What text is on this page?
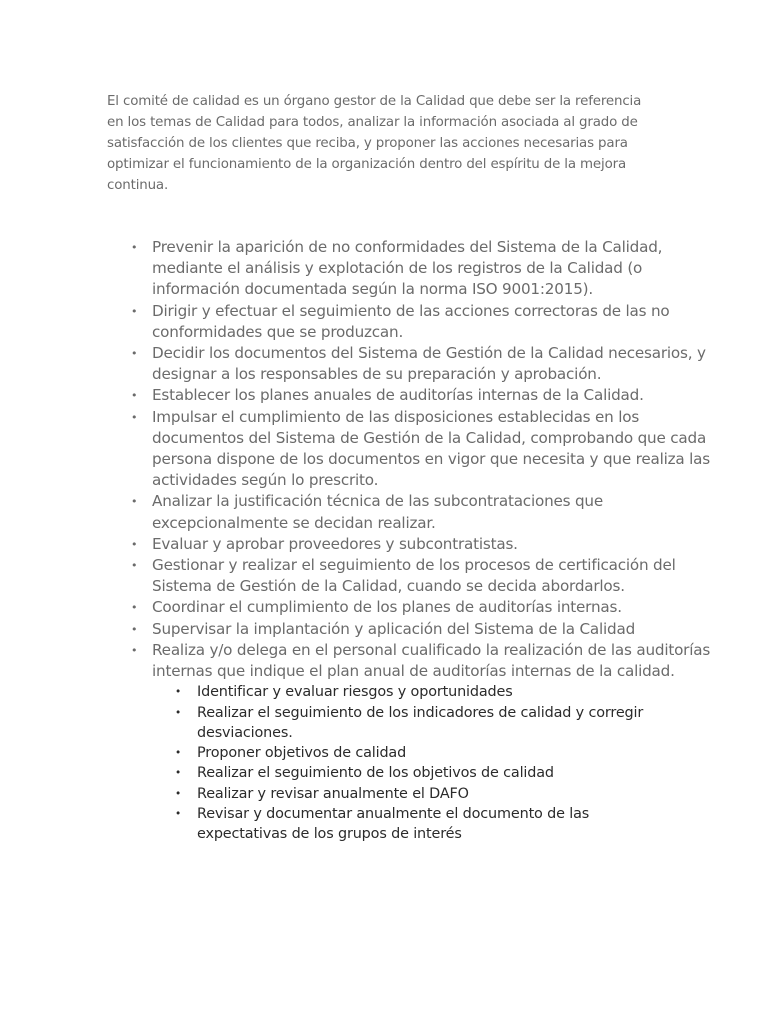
El comité de calidad es un órgano gestor de la Calidad que debe ser la referencia en los temas de Calidad para todos, analizar la información asociada al grado de satisfacción de los clientes que reciba, y proponer las acciones necesarias para optimizar el funcionamiento de la organización dentro del espíritu de la mejora continua.

• Prevenir la aparición de no conformidades del Sistema de la Calidad, mediante el análisis y explotación de los registros de la Calidad (o información documentada según la norma ISO 9001:2015).
• Dirigir y efectuar el seguimiento de las acciones correctoras de las no conformidades que se produzcan.
• Decidir los documentos del Sistema de Gestión de la Calidad necesarios, y designar a los responsables de su preparación y aprobación.
• Establecer los planes anuales de auditorías internas de la Calidad.
• Impulsar el cumplimiento de las disposiciones establecidas en los documentos del Sistema de Gestión de la Calidad, comprobando que cada persona dispone de los documentos en vigor que necesita y que realiza las actividades según lo prescrito.
• Analizar la justificación técnica de las subcontrataciones que excepcionalmente se decidan realizar.
• Evaluar y aprobar proveedores y subcontratistas.
• Gestionar y realizar el seguimiento de los procesos de certificación del Sistema de Gestión de la Calidad, cuando se decida abordarlos.
• Coordinar el cumplimiento de los planes de auditorías internas.
• Supervisar la implantación y aplicación del Sistema de la Calidad
• Realiza y/o delega en el personal cualificado la realización de las auditorías internas que indique el plan anual de auditorías internas de la calidad.
• Identificar y evaluar riesgos y oportunidades
• Realizar el seguimiento de los indicadores de calidad y corregir desviaciones.
• Proponer objetivos de calidad
• Realizar el seguimiento de los objetivos de calidad
• Realizar y revisar anualmente el DAFO
• Revisar y documentar anualmente el documento de las expectativas de los grupos de interés
